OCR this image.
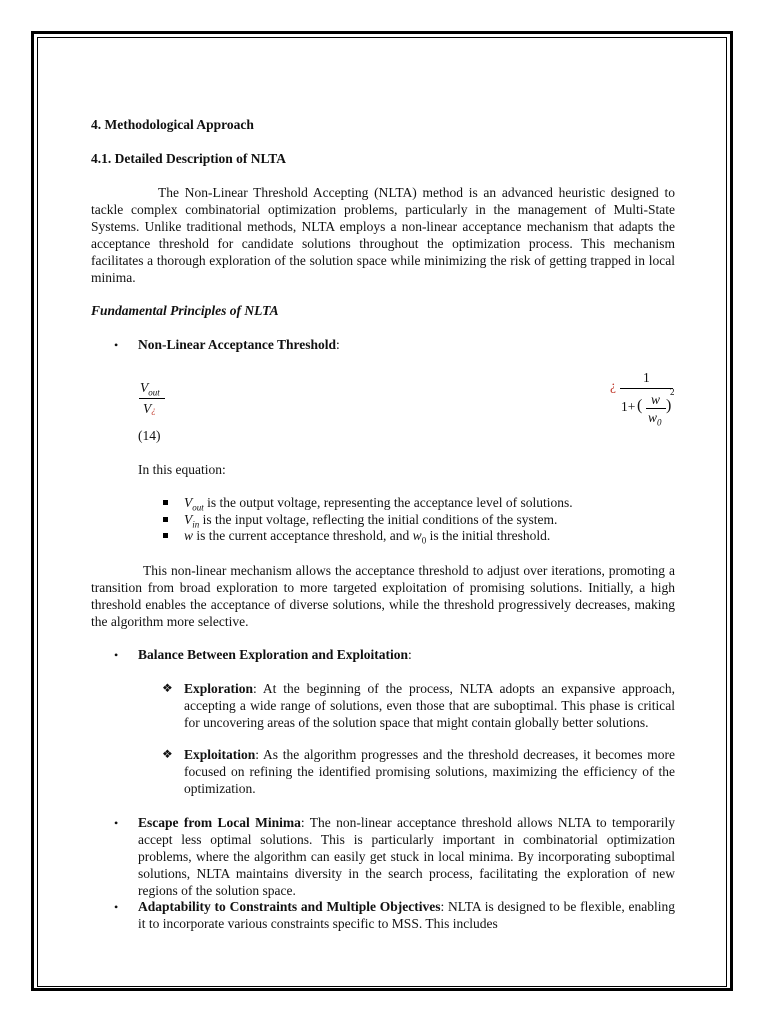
4. Methodological Approach

4.1. Detailed Description of NLTA

The Non-Linear Threshold Accepting (NLTA) method is an advanced heuristic designed to tackle complex combinatorial optimization problems, particularly in the management of Multi-State Systems. Unlike traditional methods, NLTA employs a non-linear acceptance mechanism that adapts the acceptance threshold for candidate solutions throughout the optimization process. This mechanism facilitates a thorough exploration of the solution space while minimizing the risk of getting trapped in local minima.

Fundamental Principles of NLTA

• Non-Linear Acceptance Threshold:

$V_{out}$
V¿
¿
1
1+ ( w
$w_0$
)
2

(14)

In this equation:

$V_{out}$ is the output voltage, representing the acceptance level of solutions.

$V_{in}$ is the input voltage, reflecting the initial conditions of the system.

w is the current acceptance threshold, and $w_0$ is the initial threshold.

This non-linear mechanism allows the acceptance threshold to adjust over iterations, promoting a transition from broad exploration to more targeted exploitation of promising solutions. Initially, a high threshold enables the acceptance of diverse solutions, while the threshold progressively decreases, making the algorithm more selective.

• Balance Between Exploration and Exploitation:

❖ Exploration: At the beginning of the process, NLTA adopts an expansive approach, accepting a wide range of solutions, even those that are suboptimal. This phase is critical for uncovering areas of the solution space that might contain globally better solutions.

❖ Exploitation: As the algorithm progresses and the threshold decreases, it becomes more focused on refining the identified promising solutions, maximizing the efficiency of the optimization.

• Escape from Local Minima: The non-linear acceptance threshold allows NLTA to temporarily accept less optimal solutions. This is particularly important in combinatorial optimization problems, where the algorithm can easily get stuck in local minima. By incorporating suboptimal solutions, NLTA maintains diversity in the search process, facilitating the exploration of new regions of the solution space.

• Adaptability to Constraints and Multiple Objectives: NLTA is designed to be flexible, enabling it to incorporate various constraints specific to MSS. This includes
